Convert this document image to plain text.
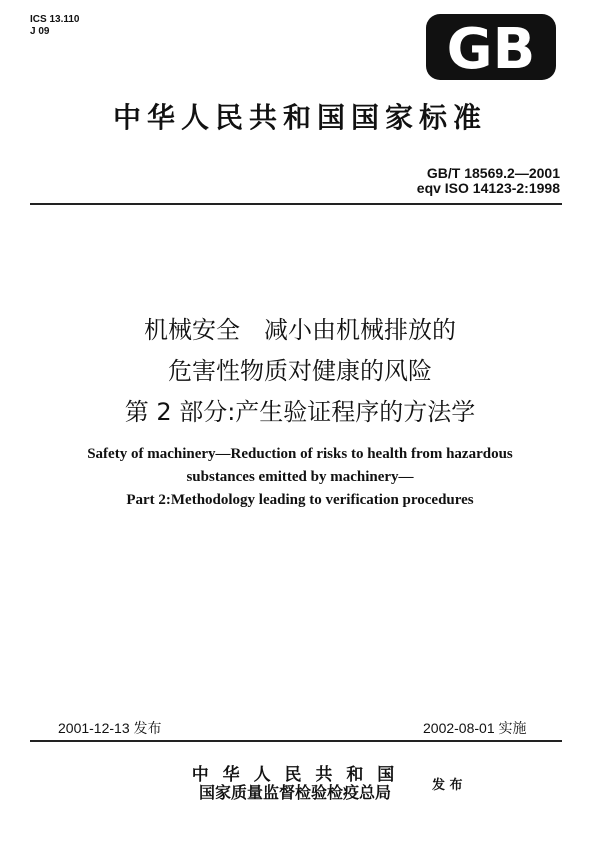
ICS 13.110
J 09	GB
中华人民共和国国家标准
GB/T 18569.2—2001
eqv ISO 14123-2:1998
机械安全　减小由机械排放的
危害性物质对健康的风险
第 2 部分:产生验证程序的方法学
Safety of machinery—Reduction of risks to health from hazardous
substances emitted by machinery—
Part 2:Methodology leading to verification procedures
2001-12-13 发布	2002-08-01 实施
中 华 人 民 共 和 国
国家质量监督检验检疫总局	发 布
